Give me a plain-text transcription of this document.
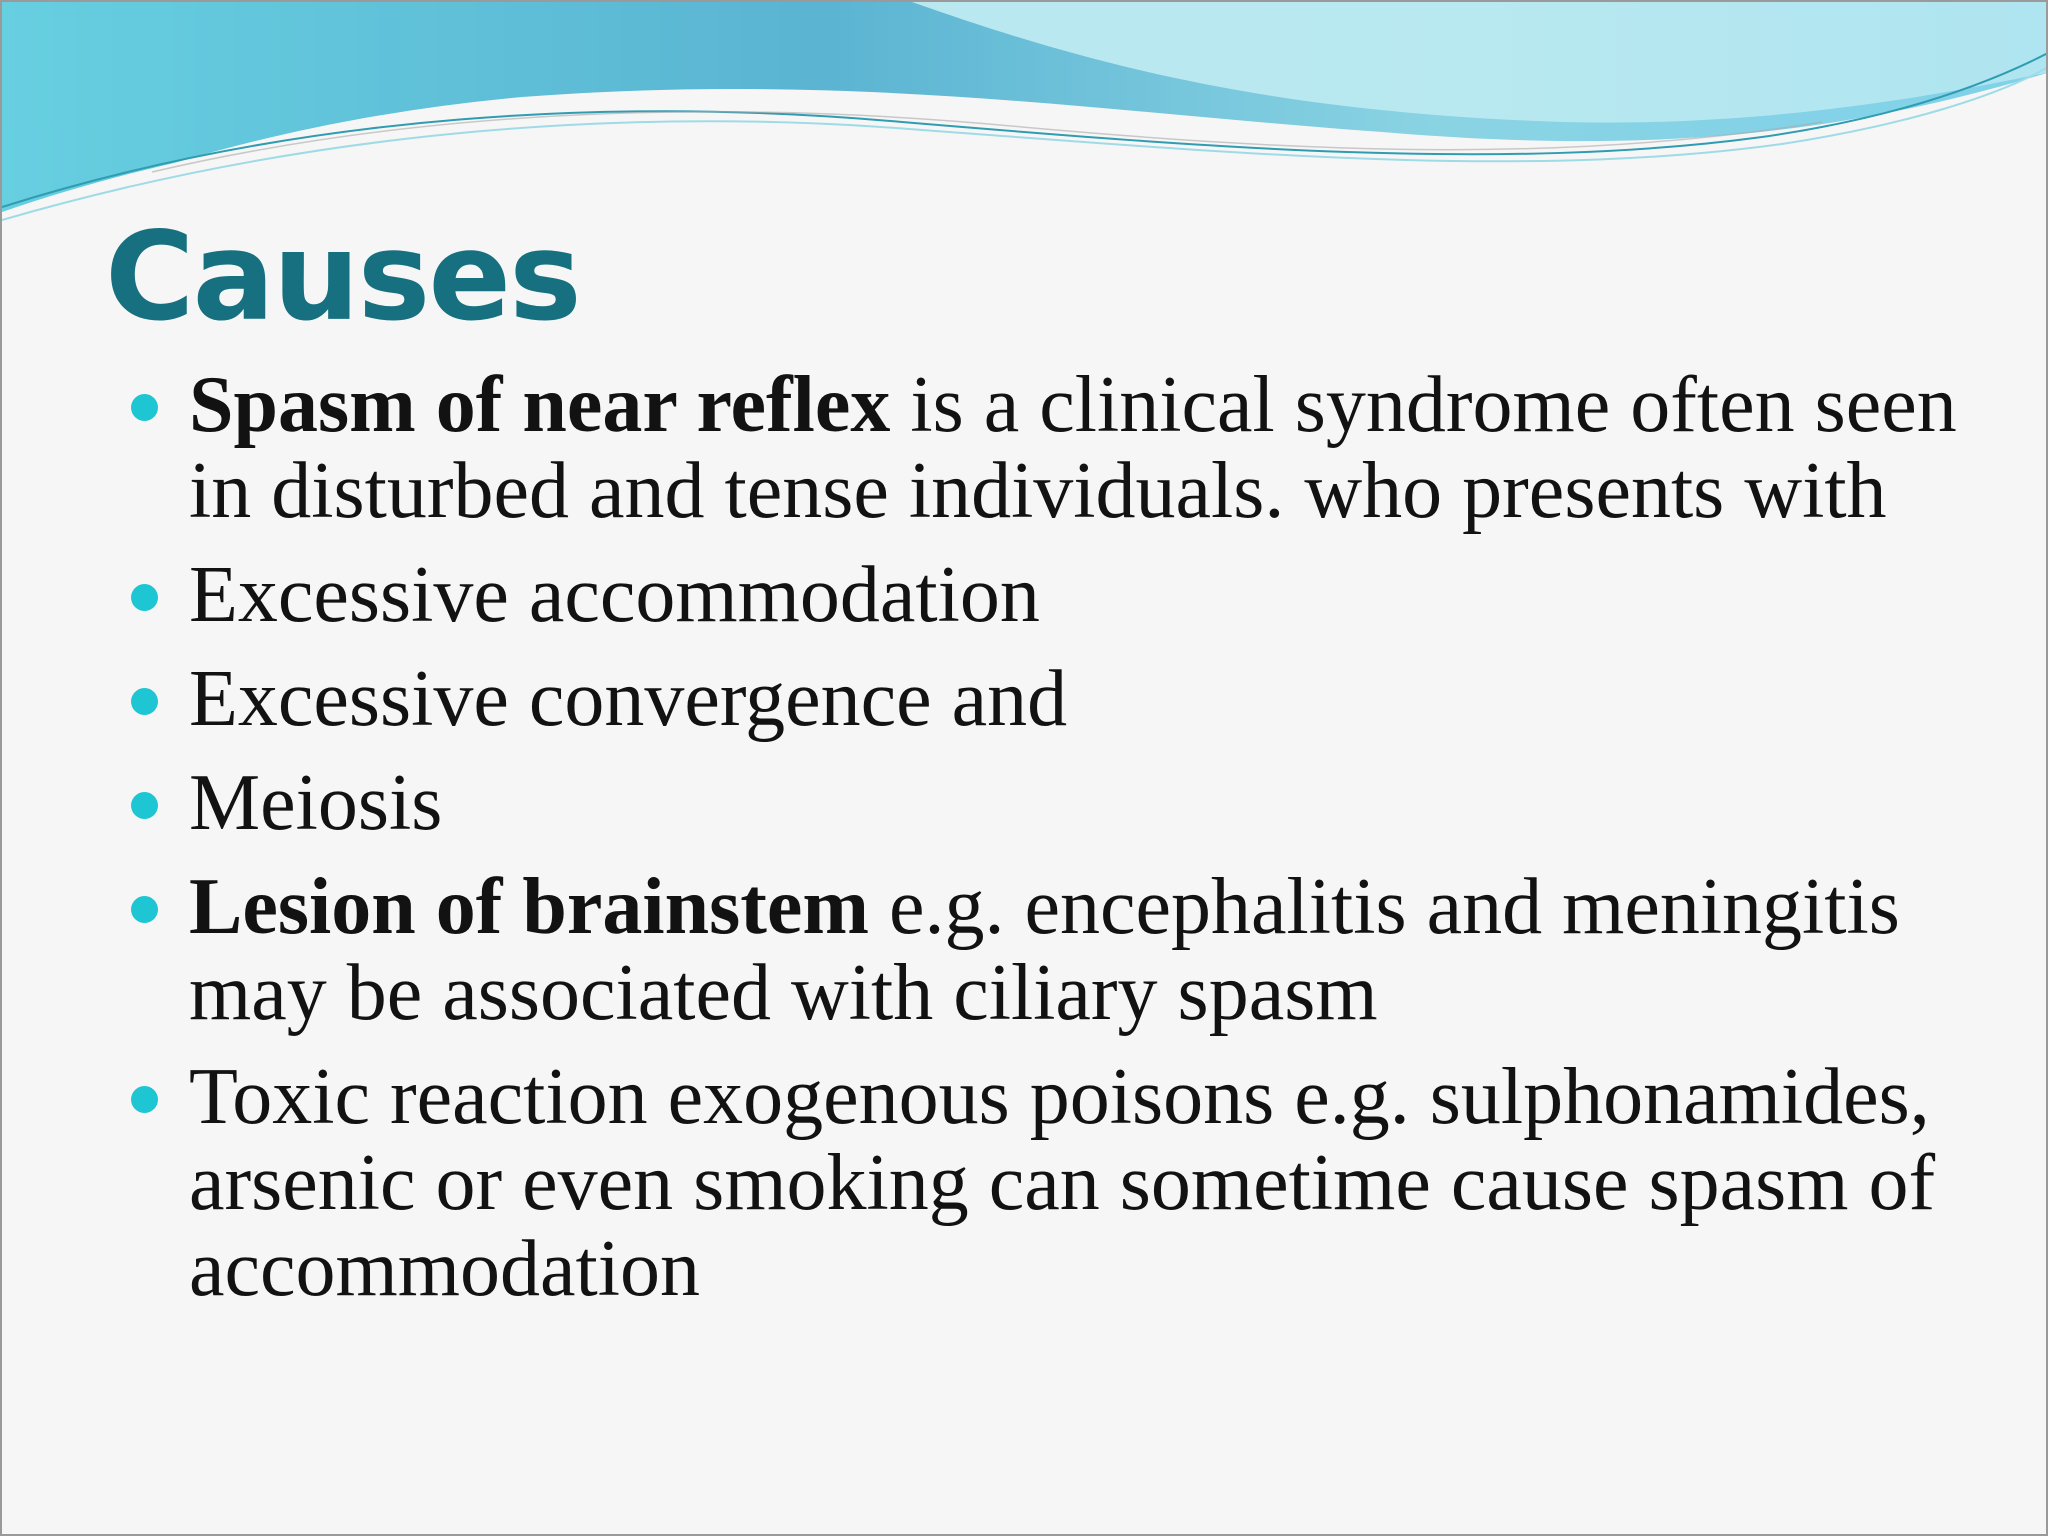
Causes
Spasm of near reflex is a clinical syndrome often seen in disturbed and tense individuals. who presents with
Excessive accommodation
Excessive convergence and
Meiosis
Lesion of brainstem e.g. encephalitis and meningitis may be associated with ciliary spasm
Toxic reaction exogenous poisons e.g. sulphonamides, arsenic or even smoking can sometime cause spasm of accommodation
